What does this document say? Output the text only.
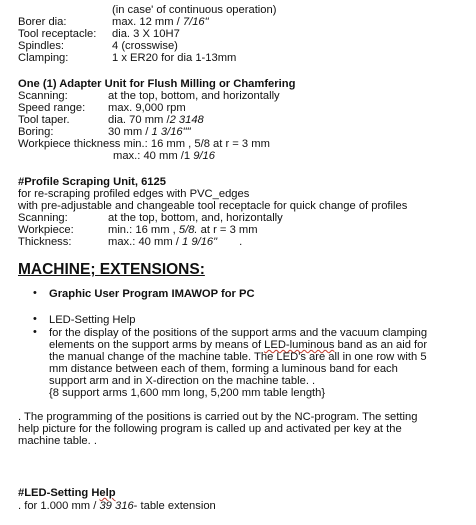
(in case' of continuous operation)
Borer dia:	max. 12 mm / 7/16"
Tool receptacle: dia. 3 X 10H7
Spindles:	4 (crosswise)
Clamping:	1 x ER20 for dia 1-13mm
One (1) Adapter Unit for Flush Milling or Chamfering
Scanning:	at the top, bottom, and horizontally
Speed range: max. 9,000 rpm
Tool taper.	dia. 70 mm /2 3148
Boring:	30 mm / 1 3/16""
Workpiece thickness min.: 16 mm , 5/8 at r = 3 mm
max.: 40 mm /1 9/16
#Profile Scraping Unit, 6125
for re-scraping profiled edges with PVC_edges
with pre-adjustable and changeable tool receptacle for quick change of profiles
Scanning:	at the top, bottom, and, horizontally
Workpiece:	min.: 16 mm , 5/8. at r = 3 mm
Thickness:	max.: 40 mm / 1 9/16" .
MACHINE; EXTENSIONS:
• Graphic User Program IMAWOP for PC
• LED-Setting Help
• for the display of the positions of the support arms and the vacuum clamping
elements on the support arms by means of LED-luminous band as an aid for
the manual change of the machine table. The LED's are all in one row with 5
mm distance between each of them, forming a luminous band for each
support arm and in X-direction on the machine table. .
{8 support arms 1,600 mm long, 5,200 mm table length}
. The programming of the positions is carried out by the NC-program. The setting
help picture for the following program is called up and activated per key at the
machine table. .
#LED-Setting Help
. for 1.000 mm / 39 316- table extension
